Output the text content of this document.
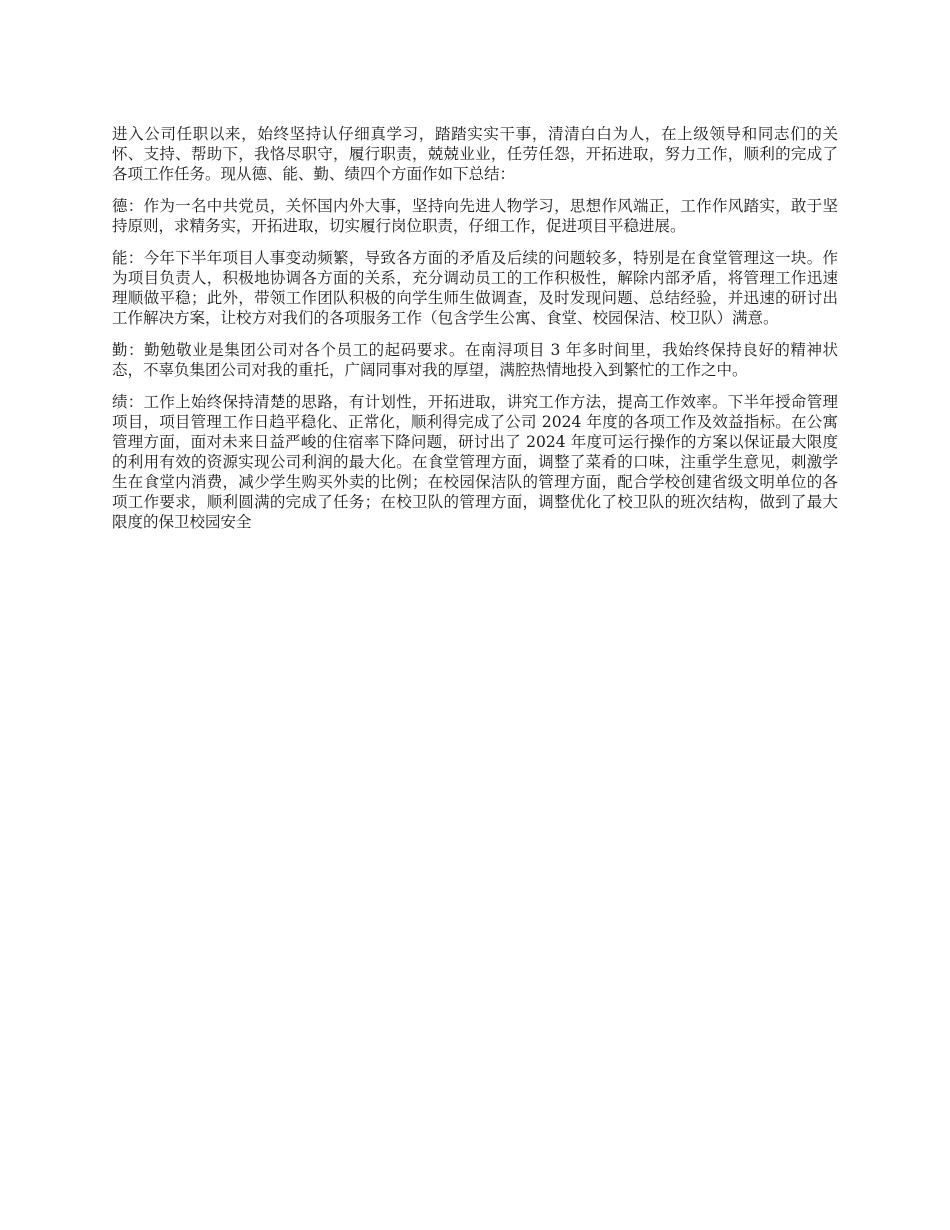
进入公司任职以来，始终坚持认仔细真学习，踏踏实实干事，清清白白为人，在上级领导和同志们的关怀、支持、帮助下，我恪尽职守，履行职责，兢兢业业，任劳任怨，开拓进取，努力工作，顺利的完成了各项工作任务。现从德、能、勤、绩四个方面作如下总结：

德：作为一名中共党员，关怀国内外大事，坚持向先进人物学习，思想作风端正，工作作风踏实，敢于坚持原则，求精务实，开拓进取，切实履行岗位职责，仔细工作，促进项目平稳进展。

能：今年下半年项目人事变动频繁，导致各方面的矛盾及后续的问题较多，特别是在食堂管理这一块。作为项目负责人，积极地协调各方面的关系，充分调动员工的工作积极性，解除内部矛盾，将管理工作迅速理顺做平稳；此外，带领工作团队积极的向学生师生做调查，及时发现问题、总结经验，并迅速的研讨出工作解决方案，让校方对我们的各项服务工作（包含学生公寓、食堂、校园保洁、校卫队）满意。

勤：勤勉敬业是集团公司对各个员工的起码要求。在南浔项目 3 年多时间里，我始终保持良好的精神状态，不辜负集团公司对我的重托，广阔同事对我的厚望，满腔热情地投入到繁忙的工作之中。

绩：工作上始终保持清楚的思路，有计划性，开拓进取，讲究工作方法，提高工作效率。下半年授命管理项目，项目管理工作日趋平稳化、正常化，顺利得完成了公司 2024 年度的各项工作及效益指标。在公寓管理方面，面对未来日益严峻的住宿率下降问题，研讨出了 2024 年度可运行操作的方案以保证最大限度的利用有效的资源实现公司利润的最大化。在食堂管理方面，调整了菜肴的口味，注重学生意见，刺激学生在食堂内消费，减少学生购买外卖的比例；在校园保洁队的管理方面，配合学校创建省级文明单位的各项工作要求，顺利圆满的完成了任务；在校卫队的管理方面，调整优化了校卫队的班次结构，做到了最大限度的保卫校园安全
